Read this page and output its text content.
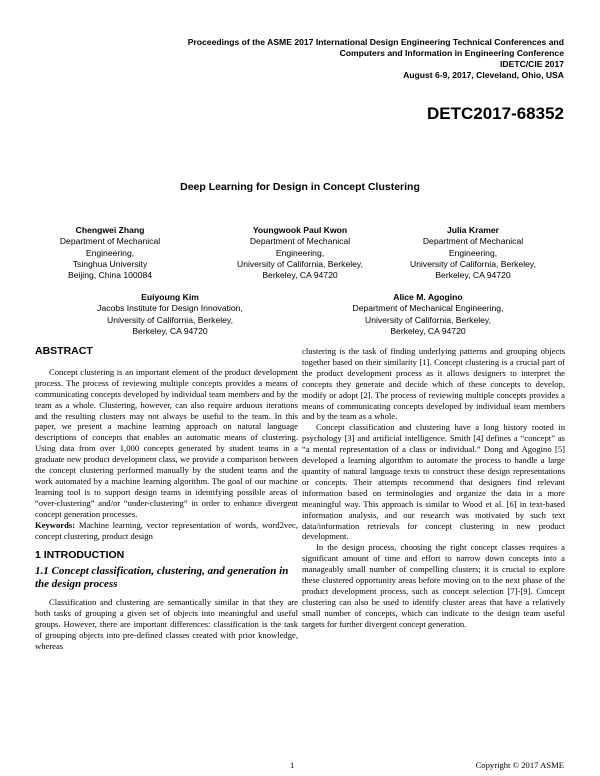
Proceedings of the ASME 2017 International Design Engineering Technical Conferences and
Computers and Information in Engineering Conference
IDETC/CIE 2017
August 6-9, 2017, Cleveland, Ohio, USA
DETC2017-68352
Deep Learning for Design in Concept Clustering
Chengwei Zhang
Department of Mechanical
Engineering,
Tsinghua University
Beijing, China 100084
Youngwook Paul Kwon
Department of Mechanical
Engineering,
University of California, Berkeley,
Berkeley, CA 94720
Julia Kramer
Department of Mechanical
Engineering,
University of California, Berkeley,
Berkeley, CA 94720
Euiyoung Kim
Jacobs Institute for Design Innovation,
University of California, Berkeley,
Berkeley, CA 94720
Alice M. Agogino
Department of Mechanical Engineering,
University of California, Berkeley,
Berkeley, CA 94720
ABSTRACT

Concept clustering is an important element of the product development process. The process of reviewing multiple concepts provides a means of communicating concepts developed by individual team members and by the team as a whole. Clustering, however, can also require arduous iterations and the resulting clusters may not always be useful to the team. In this paper, we present a machine learning approach on natural language descriptions of concepts that enables an automatic means of clustering. Using data from over 1,000 concepts generated by student teams in a graduate new product development class, we provide a comparison between the concept clustering performed manually by the student teams and the work automated by a machine learning algorithm. The goal of our machine learning tool is to support design teams in identifying possible areas of “over-clustering” and/or “under-clustering” in order to enhance divergent concept generation processes.

Keywords: Machine learning, vector representation of words, word2vec, concept clustering, product design

1 INTRODUCTION
1.1 Concept classification, clustering, and generation in the design process

Classification and clustering are semantically similar in that they are both tasks of grouping a given set of objects into meaningful and useful groups. However, there are important differences: classification is the task of grouping objects into pre-defined classes created with prior knowledge, whereas

clustering is the task of finding underlying patterns and grouping objects together based on their similarity [1]. Concept clustering is a crucial part of the product development process as it allows designers to interpret the concepts they generate and decide which of these concepts to develop, modify or adopt [2]. The process of reviewing multiple concepts provides a means of communicating concepts developed by individual team members and by the team as a whole.

Concept classification and clustering have a long history rooted in psychology [3] and artificial intelligence. Smith [4] defines a “concept” as “a mental representation of a class or individual.” Dong and Agogino [5] developed a learning algorithm to automate the process to handle a large quantity of natural language texts to construct these design representations or concepts. Their attempts recommend that designers find relevant information based on terminologies and organize the data in a more meaningful way. This approach is similar to Wood et al. [6] in text-based information analysis, and our research was motivated by such text data/information retrievals for concept clustering in new product development.

In the design process, choosing the right concept classes requires a significant amount of time and effort to narrow down concepts into a manageably small number of compelling clusters; it is crucial to explore these clustered opportunity areas before moving on to the next phase of the product development process, such as concept selection [7]-[9]. Concept clustering can also be used to identify cluster areas that have a relatively small number of concepts, which can indicate to the design team useful targets for further divergent concept generation.

1	Copyright © 2017 ASME
